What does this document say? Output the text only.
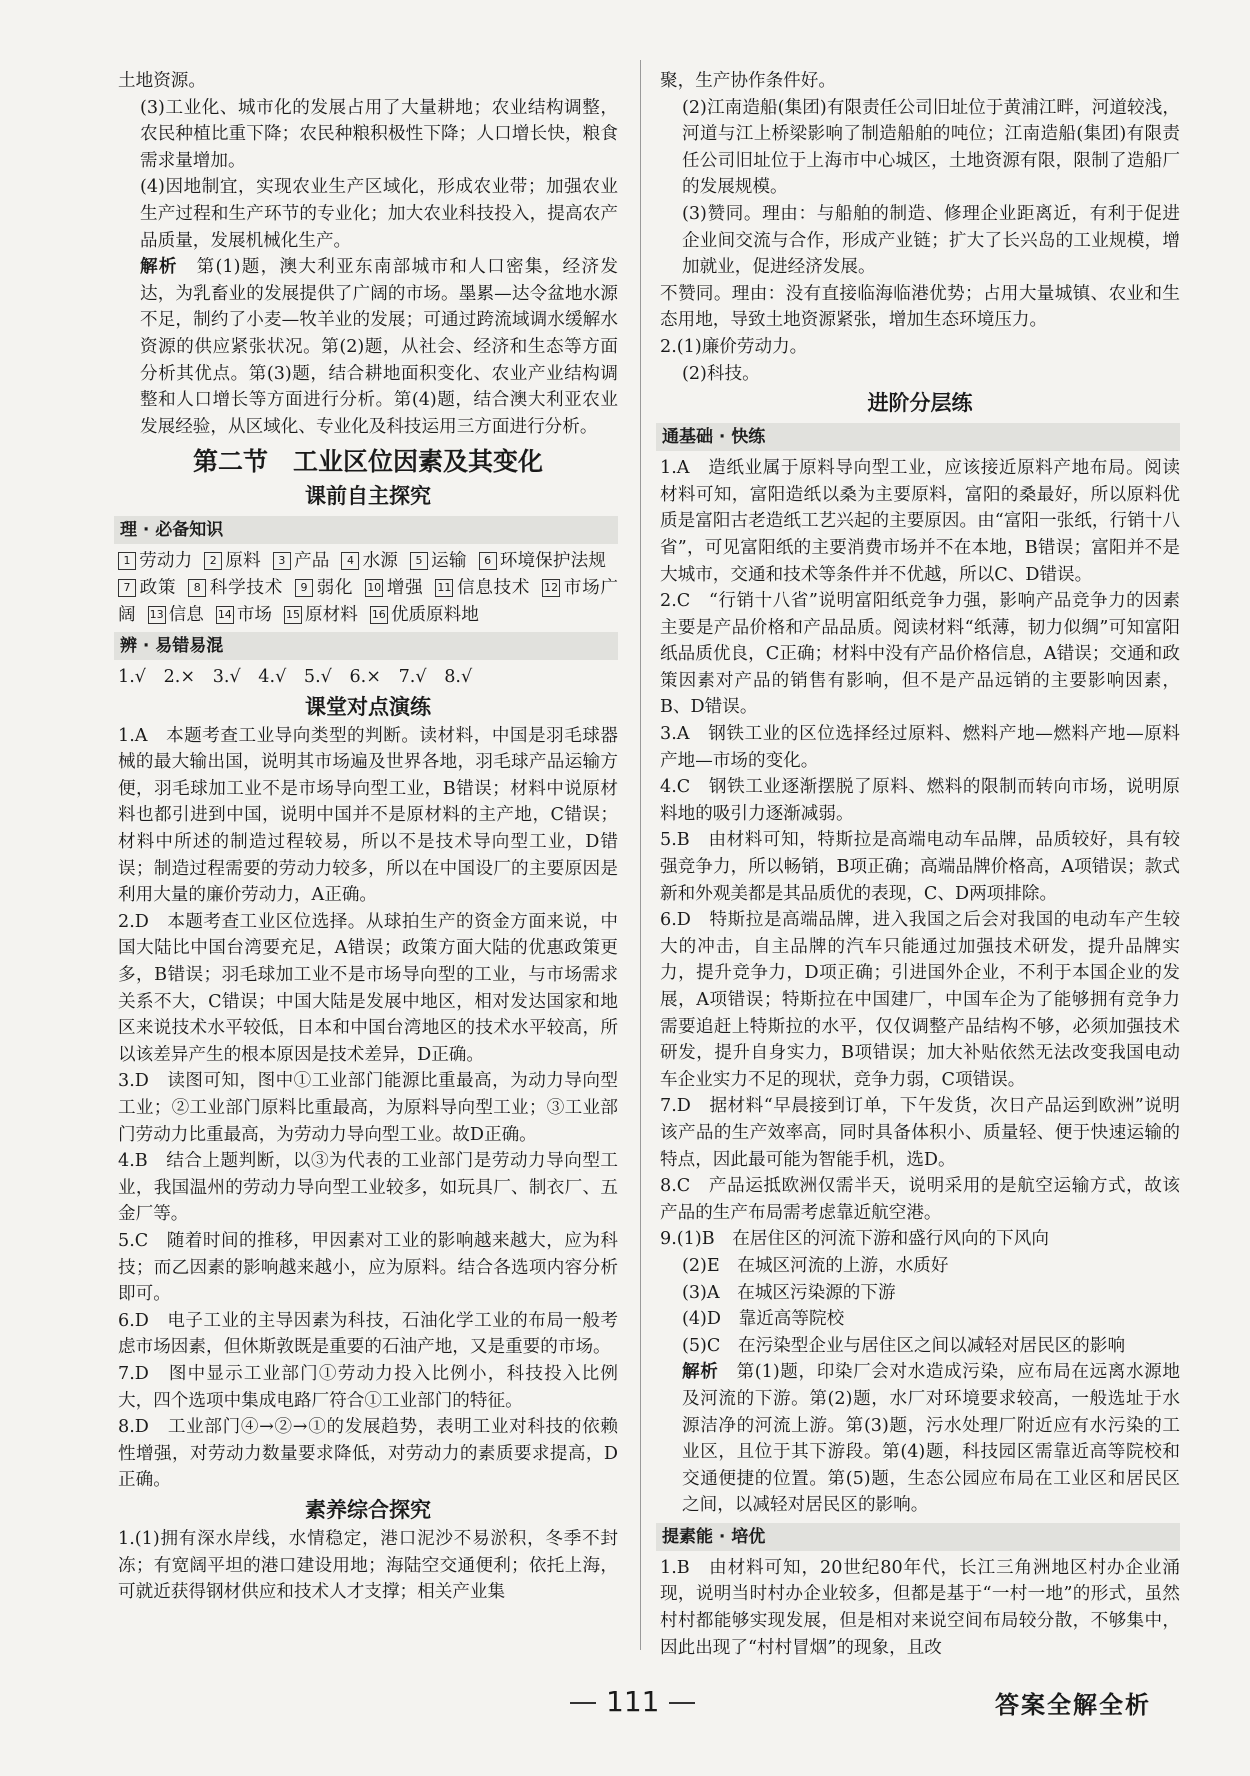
土地资源。

(3)工业化、城市化的发展占用了大量耕地；农业结构调整，农民种植比重下降；农民种粮积极性下降；人口增长快，粮食需求量增加。

(4)因地制宜，实现农业生产区域化，形成农业带；加强农业生产过程和生产环节的专业化；加大农业科技投入，提高农产品质量，发展机械化生产。

解析　 第(1)题，澳大利亚东南部城市和人口密集，经济发达，为乳畜业的发展提供了广阔的市场。墨累—达令盆地水源不足，制约了小麦—牧羊业的发展；可通过跨流域调水缓解水资源的供应紧张状况。第(2)题，从社会、经济和生态等方面分析其优点。第(3)题，结合耕地面积变化、农业产业结构调整和人口增长等方面进行分析。第(4)题，结合澳大利亚农业发展经验，从区域化、专业化及科技运用三方面进行分析。

第二节　工业区位因素及其变化

课前自主探究

理 · 必备知识

1 劳动力 2 原料 3 产品 4 水源 5 运输 6 环境保护法规7 政策 8 科学技术 9 弱化 10 增强 11 信息技术 12 市场广阔 13 信息 14 市场 15 原材料 16 优质原料地

辨 · 易错易混

1.√　2.×　3.√　4.√　5.√　6.×　7.√　8.√

课堂对点演练

1.A　本题考查工业导向类型的判断。读材料，中国是羽毛球器械的最大输出国，说明其市场遍及世界各地，羽毛球产品运输方便，羽毛球加工业不是市场导向型工业，B错误；材料中说原材料也都引进到中国，说明中国并不是原材料的主产地，C错误；材料中所述的制造过程较易，所以不是技术导向型工业，D错误；制造过程需要的劳动力较多，所以在中国设厂的主要原因是利用大量的廉价劳动力，A正确。

2.D　本题考查工业区位选择。从球拍生产的资金方面来说，中国大陆比中国台湾要充足，A错误；政策方面大陆的优惠政策更多，B错误；羽毛球加工业不是市场导向型的工业，与市场需求关系不大，C错误；中国大陆是发展中地区，相对发达国家和地区来说技术水平较低，日本和中国台湾地区的技术水平较高，所以该差异产生的根本原因是技术差异，D正确。

3.D　读图可知，图中①工业部门能源比重最高，为动力导向型工业；②工业部门原料比重最高，为原料导向型工业；③工业部门劳动力比重最高，为劳动力导向型工业。故D正确。

4.B　结合上题判断，以③为代表的工业部门是劳动力导向型工业，我国温州的劳动力导向型工业较多，如玩具厂、制衣厂、五金厂等。

5.C　随着时间的推移，甲因素对工业的影响越来越大，应为科技；而乙因素的影响越来越小，应为原料。结合各选项内容分析即可。

6.D　电子工业的主导因素为科技，石油化学工业的布局一般考虑市场因素，但休斯敦既是重要的石油产地，又是重要的市场。

7.D　图中显示工业部门①劳动力投入比例小，科技投入比例大，四个选项中集成电路厂符合①工业部门的特征。

8.D　工业部门④→②→①的发展趋势，表明工业对科技的依赖性增强，对劳动力数量要求降低，对劳动力的素质要求提高，D正确。

素养综合探究

1.(1)拥有深水岸线，水情稳定，港口泥沙不易淤积，冬季不封冻；有宽阔平坦的港口建设用地；海陆空交通便利；依托上海，可就近获得钢材供应和技术人才支撑；相关产业集

聚，生产协作条件好。

(2)江南造船(集团)有限责任公司旧址位于黄浦江畔，河道较浅，河道与江上桥梁影响了制造船舶的吨位；江南造船(集团)有限责任公司旧址位于上海市中心城区，土地资源有限，限制了造船厂的发展规模。

(3)赞同。理由：与船舶的制造、修理企业距离近，有利于促进企业间交流与合作，形成产业链；扩大了长兴岛的工业规模，增加就业，促进经济发展。

不赞同。理由：没有直接临海临港优势；占用大量城镇、农业和生态用地，导致土地资源紧张，增加生态环境压力。

2.(1)廉价劳动力。

(2)科技。

进阶分层练

通基础 · 快练

1.A　造纸业属于原料导向型工业，应该接近原料产地布局。阅读材料可知，富阳造纸以桑为主要原料，富阳的桑最好，所以原料优质是富阳古老造纸工艺兴起的主要原因。由“富阳一张纸，行销十八省”，可见富阳纸的主要消费市场并不在本地，B错误；富阳并不是大城市，交通和技术等条件并不优越，所以C、D错误。

2.C　“行销十八省”说明富阳纸竞争力强，影响产品竞争力的因素主要是产品价格和产品品质。阅读材料“纸薄，韧力似绸”可知富阳纸品质优良，C正确；材料中没有产品价格信息，A错误；交通和政策因素对产品的销售有影响，但不是产品远销的主要影响因素，B、D错误。

3.A　钢铁工业的区位选择经过原料、燃料产地—燃料产地—原料产地—市场的变化。

4.C　钢铁工业逐渐摆脱了原料、燃料的限制而转向市场，说明原料地的吸引力逐渐减弱。

5.B　由材料可知，特斯拉是高端电动车品牌，品质较好，具有较强竞争力，所以畅销，B项正确；高端品牌价格高，A项错误；款式新和外观美都是其品质优的表现，C、D两项排除。

6.D　特斯拉是高端品牌，进入我国之后会对我国的电动车产生较大的冲击，自主品牌的汽车只能通过加强技术研发，提升品牌实力，提升竞争力，D项正确；引进国外企业，不利于本国企业的发展，A项错误；特斯拉在中国建厂，中国车企为了能够拥有竞争力需要追赶上特斯拉的水平，仅仅调整产品结构不够，必须加强技术研发，提升自身实力，B项错误；加大补贴依然无法改变我国电动车企业实力不足的现状，竞争力弱，C项错误。

7.D　据材料“早晨接到订单，下午发货，次日产品运到欧洲”说明该产品的生产效率高，同时具备体积小、质量轻、便于快速运输的特点，因此最可能为智能手机，选D。

8.C　产品运抵欧洲仅需半天，说明采用的是航空运输方式，故该产品的生产布局需考虑靠近航空港。

9.(1)B　在居住区的河流下游和盛行风向的下风向

(2)E　在城区河流的上游，水质好

(3)A　在城区污染源的下游

(4)D　靠近高等院校

(5)C　在污染型企业与居住区之间以减轻对居民区的影响

解析　 第(1)题，印染厂会对水造成污染，应布局在远离水源地及河流的下游。第(2)题，水厂对环境要求较高，一般选址于水源洁净的河流上游。第(3)题，污水处理厂附近应有水污染的工业区，且位于其下游段。第(4)题，科技园区需靠近高等院校和交通便捷的位置。第(5)题，生态公园应布局在工业区和居民区之间，以减轻对居民区的影响。

提素能 · 培优

1.B　由材料可知，20世纪80年代，长江三角洲地区村办企业涌现，说明当时村办企业较多，但都是基于“一村一地”的形式，虽然村村都能够实现发展，但是相对来说空间布局较分散，不够集中，因此出现了“村村冒烟”的现象，且改

111	答案全解全析
